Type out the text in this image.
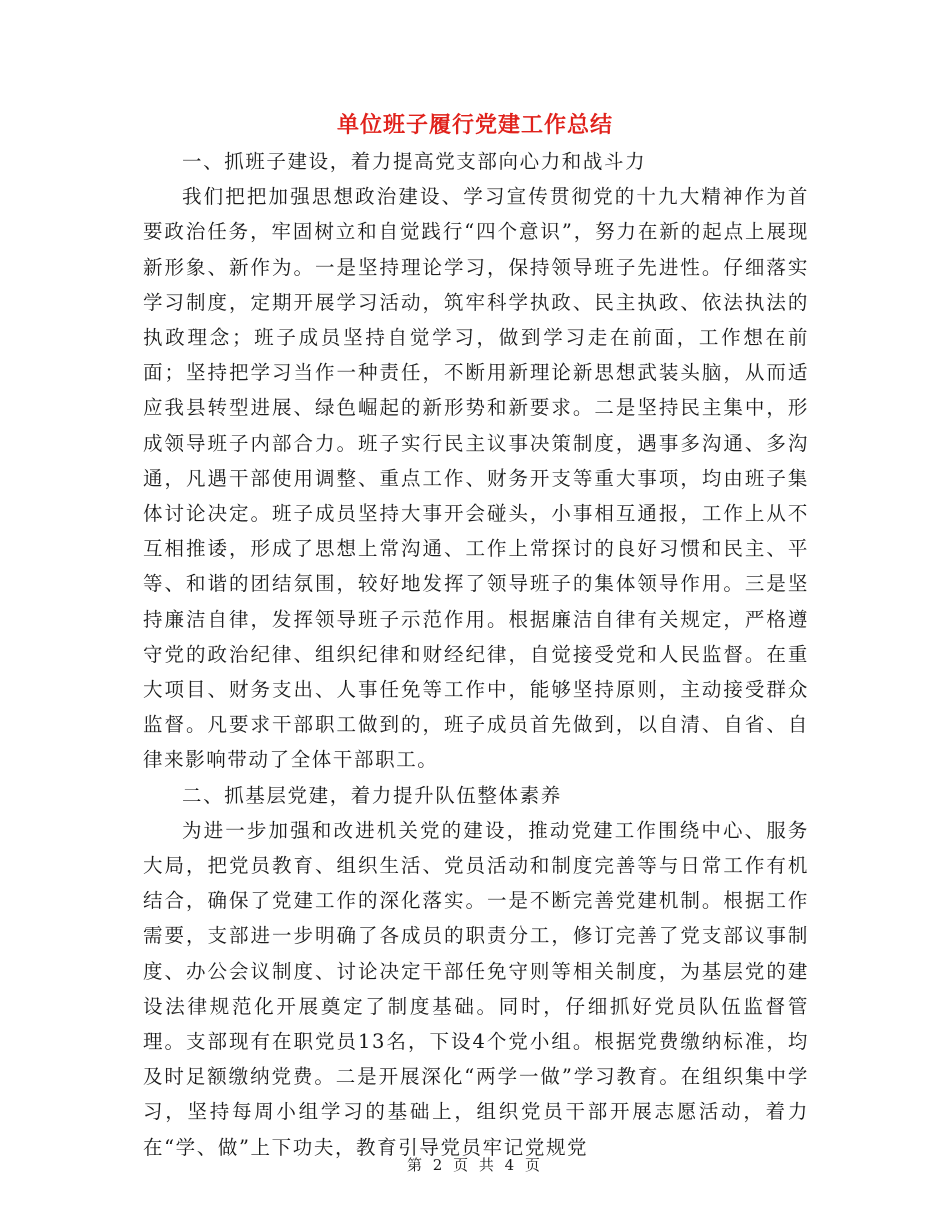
单位班子履行党建工作总结

一、抓班子建设，着力提高党支部向心力和战斗力

我们把把加强思想政治建设、学习宣传贯彻党的十九大精神作为首要政治任务，牢固树立和自觉践行“四个意识”，努力在新的起点上展现新形象、新作为。一是坚持理论学习，保持领导班子先进性。仔细落实学习制度，定期开展学习活动，筑牢科学执政、民主执政、依法执法的执政理念；班子成员坚持自觉学习，做到学习走在前面，工作想在前面；坚持把学习当作一种责任，不断用新理论新思想武装头脑，从而适应我县转型进展、绿色崛起的新形势和新要求。二是坚持民主集中，形成领导班子内部合力。班子实行民主议事决策制度，遇事多沟通、多沟通，凡遇干部使用调整、重点工作、财务开支等重大事项，均由班子集体讨论决定。班子成员坚持大事开会碰头，小事相互通报，工作上从不互相推诿，形成了思想上常沟通、工作上常探讨的良好习惯和民主、平等、和谐的团结氛围，较好地发挥了领导班子的集体领导作用。三是坚持廉洁自律，发挥领导班子示范作用。根据廉洁自律有关规定，严格遵守党的政治纪律、组织纪律和财经纪律，自觉接受党和人民监督。在重大项目、财务支出、人事任免等工作中，能够坚持原则，主动接受群众监督。凡要求干部职工做到的，班子成员首先做到，以自清、自省、自律来影响带动了全体干部职工。

二、抓基层党建，着力提升队伍整体素养

为进一步加强和改进机关党的建设，推动党建工作围绕中心、服务大局，把党员教育、组织生活、党员活动和制度完善等与日常工作有机结合，确保了党建工作的深化落实。一是不断完善党建机制。根据工作需要，支部进一步明确了各成员的职责分工，修订完善了党支部议事制度、办公会议制度、讨论决定干部任免守则等相关制度，为基层党的建设法律规范化开展奠定了制度基础。同时，仔细抓好党员队伍监督管理。支部现有在职党员13名，下设4个党小组。根据党费缴纳标准，均及时足额缴纳党费。二是开展深化“两学一做”学习教育。在组织集中学习，坚持每周小组学习的基础上，组织党员干部开展志愿活动，着力在“学、做”上下功夫，教育引导党员牢记党规党

第 2 页 共 4 页
